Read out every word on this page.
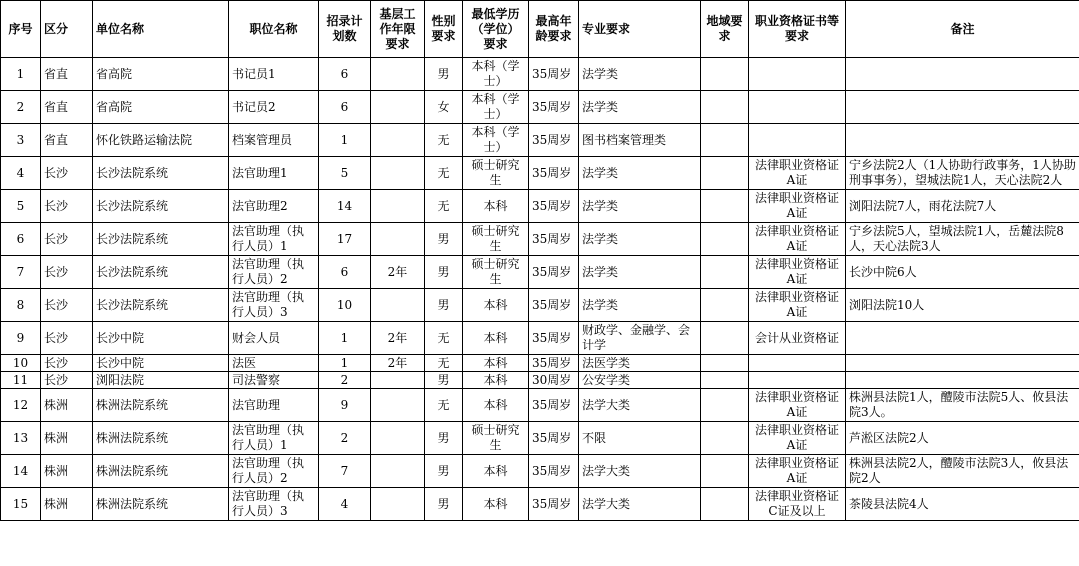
序号	区分	单位名称	职位名称	招录计划数	基层工作年限要求	性别要求	最低学历（学位）要求	最高年龄要求	专业要求	地域要求	职业资格证书等要求	备注
1	省直	省高院	书记员1	6		男	本科（学士）	35周岁	法学类			
2	省直	省高院	书记员2	6		女	本科（学士）	35周岁	法学类			
3	省直	怀化铁路运输法院	档案管理员	1		无	本科（学士）	35周岁	图书档案管理类			
4	长沙	长沙法院系统	法官助理1	5		无	硕士研究生	35周岁	法学类		法律职业资格证A证	宁乡法院2人（1人协助行政事务，1人协助刑事事务），望城法院1人，天心法院2人
5	长沙	长沙法院系统	法官助理2	14		无	本科	35周岁	法学类		法律职业资格证A证	浏阳法院7人，雨花法院7人
6	长沙	长沙法院系统	法官助理（执行人员）1	17		男	硕士研究生	35周岁	法学类		法律职业资格证A证	宁乡法院5人，望城法院1人，岳麓法院8人，天心法院3人
7	长沙	长沙法院系统	法官助理（执行人员）2	6	2年	男	硕士研究生	35周岁	法学类		法律职业资格证A证	长沙中院6人
8	长沙	长沙法院系统	法官助理（执行人员）3	10		男	本科	35周岁	法学类		法律职业资格证A证	浏阳法院10人
9	长沙	长沙中院	财会人员	1	2年	无	本科	35周岁	财政学、金融学、会计学		会计从业资格证	
10	长沙	长沙中院	法医	1	2年	无	本科	35周岁	法医学类			
11	长沙	浏阳法院	司法警察	2		男	本科	30周岁	公安学类			
12	株洲	株洲法院系统	法官助理	9		无	本科	35周岁	法学大类		法律职业资格证A证	株洲县法院1人，醴陵市法院5人、攸县法院3人。
13	株洲	株洲法院系统	法官助理（执行人员）1	2		男	硕士研究生	35周岁	不限		法律职业资格证A证	芦淞区法院2人
14	株洲	株洲法院系统	法官助理（执行人员）2	7		男	本科	35周岁	法学大类		法律职业资格证A证	株洲县法院2人，醴陵市法院3人，攸县法院2人
15	株洲	株洲法院系统	法官助理（执行人员）3	4		男	本科	35周岁	法学大类		法律职业资格证C证及以上	茶陵县法院4人
